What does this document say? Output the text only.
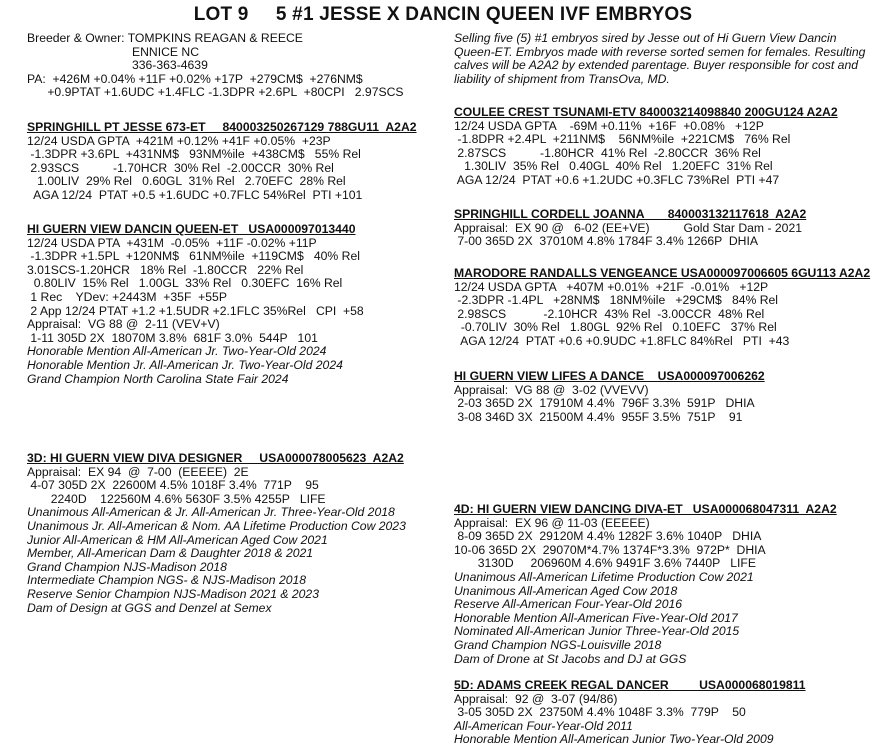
LOT 9     5 #1 JESSE X DANCIN QUEEN IVF EMBRYOS
Breeder & Owner: TOMPKINS REAGAN & REECE
ENNICE NC
336-363-4639
PA:  +426M +0.04% +11F +0.02% +17P  +279CM$  +276NM$
+0.9PTAT +1.6UDC +1.4FLC -1.3DPR +2.6PL  +80CPI   2.97SCS
SPRINGHILL PT JESSE 673-ET     840003250267129 788GU11  A2A2
12/24 USDA GPTA  +421M +0.12% +41F +0.05%  +23P
-1.3DPR +3.6PL  +431NM$   93NM%ile  +438CM$   55% Rel
2.93SCS          -1.70HCR  30% Rel  -2.00CCR  30% Rel
1.00LIV  29% Rel   0.60GL  31% Rel   2.70EFC  28% Rel
AGA 12/24  PTAT +0.5 +1.6UDC +0.7FLC 54%Rel  PTI +101
HI GUERN VIEW DANCIN QUEEN-ET   USA000097013440
12/24 USDA PTA  +431M  -0.05%  +11F -0.02% +11P
-1.3DPR +1.5PL  +120NM$   61NM%ile  +119CM$   40% Rel
3.01SCS-1.20HCR   18% Rel  -1.80CCR   22% Rel
0.80LIV  15% Rel   1.00GL  33% Rel   0.30EFC  16% Rel
1 Rec    YDev: +2443M  +35F  +55P
2 App 12/24 PTAT +1.2 +1.5UDR +2.1FLC 35%Rel   CPI  +58
Appraisal:  VG 88 @  2-11 (VEV+V)
1-11 305D 2X  18070M 3.8%  681F 3.0%  544P   101
Honorable Mention All-American Jr. Two-Year-Old 2024
Honorable Mention Jr. All-American Jr. Two-Year-Old 2024
Grand Champion North Carolina State Fair 2024
3D: HI GUERN VIEW DIVA DESIGNER     USA000078005623  A2A2
Appraisal:  EX 94  @  7-00  (EEEEE)  2E
4-07 305D 2X  22600M 4.5% 1018F 3.4%  771P    95
2240D    122560M 4.6% 5630F 3.5% 4255P   LIFE
Unanimous All-American & Jr. All-American Jr. Three-Year-Old 2018
Unanimous Jr. All-American & Nom. AA Lifetime Production Cow 2023
Junior All-American & HM All-American Aged Cow 2021
Member, All-American Dam & Daughter 2018 & 2021
Grand Champion NJS-Madison 2018
Intermediate Champion NGS- & NJS-Madison 2018
Reserve Senior Champion NJS-Madison 2021 & 2023
Dam of Design at GGS and Denzel at Semex
Selling five (5) #1 embryos sired by Jesse out of Hi Guern View Dancin Queen-ET. Embryos made with reverse sorted semen for females. Resulting calves will be A2A2 by extended parentage. Buyer responsible for cost and liability of shipment from TransOva, MD.
COULEE CREST TSUNAMI-ETV 840003214098840 200GU124 A2A2
12/24 USDA GPTA    -69M +0.11%  +16F  +0.08%   +12P
-1.8DPR +2.4PL  +211NM$    56NM%ile  +221CM$   76% Rel
2.87SCS          -1.80HCR  41% Rel  -2.80CCR  36% Rel
1.30LIV  35% Rel   0.40GL  40% Rel   1.20EFC  31% Rel
AGA 12/24  PTAT +0.6 +1.2UDC +0.3FLC 73%Rel  PTI +47
SPRINGHILL CORDELL JOANNA       840003132117618  A2A2
Appraisal:  EX 90 @   6-02 (EE+VE)          Gold Star Dam - 2021
7-00 365D 2X  37010M 4.8% 1784F 3.4% 1266P  DHIA
MARODORE RANDALLS VENGEANCE USA000097006605 6GU113 A2A2
12/24 USDA GPTA   +407M +0.01%  +21F  -0.01%   +12P
-2.3DPR -1.4PL   +28NM$   18NM%ile   +29CM$   84% Rel
2.98SCS           -2.10HCR  43% Rel  -3.00CCR  48% Rel
-0.70LIV  30% Rel   1.80GL  92% Rel   0.10EFC   37% Rel
AGA 12/24  PTAT +0.6 +0.9UDC +1.8FLC 84%Rel   PTI  +43
HI GUERN VIEW LIFES A DANCE    USA000097006262
Appraisal:  VG 88 @  3-02 (VVEVV)
2-03 365D 2X  17910M 4.4%  796F 3.3%  591P   DHIA
3-08 346D 3X  21500M 4.4%  955F 3.5%  751P    91
4D: HI GUERN VIEW DANCING DIVA-ET   USA000068047311  A2A2
Appraisal:  EX 96 @ 11-03 (EEEEE)
8-09 365D 2X  29120M 4.4% 1282F 3.6% 1040P   DHIA
10-06 365D 2X  29070M*4.7% 1374F*3.3%  972P*  DHIA
3130D     206960M 4.6% 9491F 3.6% 7440P   LIFE
Unanimous All-American Lifetime Production Cow 2021
Unanimous All-American Aged Cow 2018
Reserve All-American Four-Year-Old 2016
Honorable Mention All-American Five-Year-Old 2017
Nominated All-American Junior Three-Year-Old 2015
Grand Champion NGS-Louisville 2018
Dam of Drone at St Jacobs and DJ at GGS
5D: ADAMS CREEK REGAL DANCER         USA000068019811
Appraisal:  92 @  3-07 (94/86)
3-05 305D 2X  23750M 4.4% 1048F 3.3%  779P    50
All-American Four-Year-Old 2011
Honorable Mention All-American Junior Two-Year-Old 2009
